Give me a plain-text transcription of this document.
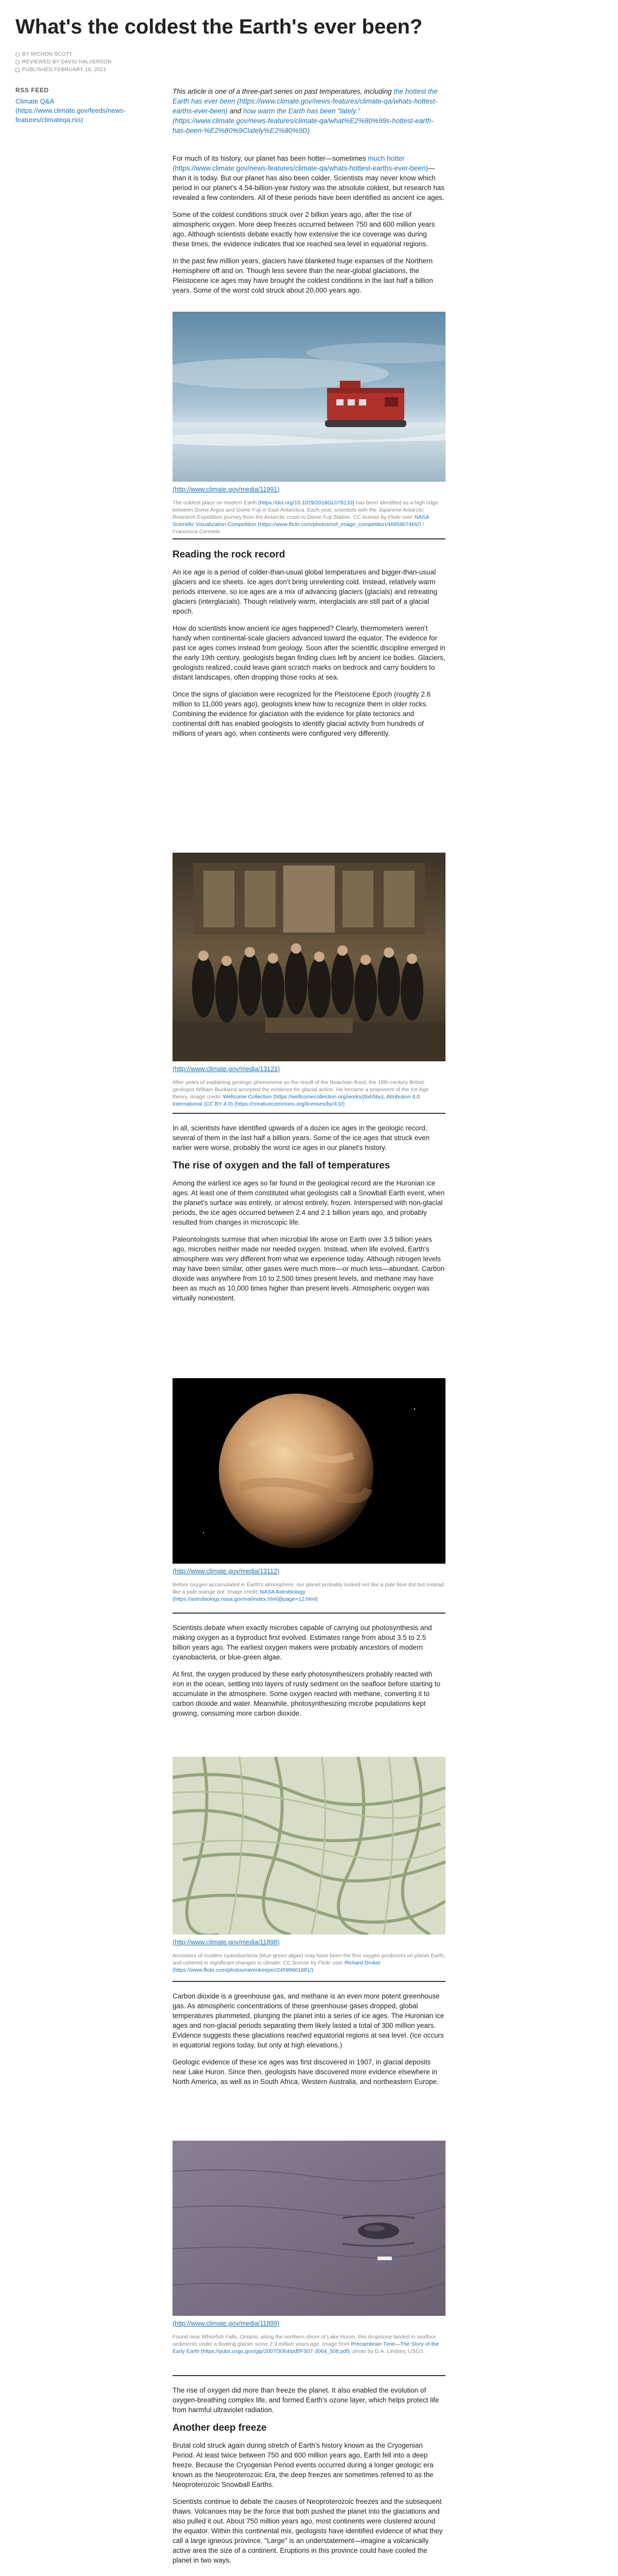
What's the coldest the Earth's ever been?
BY MICHON SCOTT
REVIEWED BY DAVID HALVERSON
PUBLISHED FEBRUARY 18, 2021
RSS FEED
Climate Q&A (https://www.climate.gov/feeds/news-features/climateqa.rss)

This article is one of a three-part series on past temperatures, including the hottest the Earth has ever been (https://www.climate.gov/news-features/climate-qa/whats-hottest-earths-ever-been) and how warm the Earth has been "lately." (https://www.climate.gov/news-features/climate-qa/what%E2%80%99s-hottest-earth-has-been-%E2%80%9Clately%E2%80%9D)

For much of its history, our planet has been hotter—sometimes much hotter (https://www.climate.gov/news-features/climate-qa/whats-hottest-earths-ever-been)—than it is today. But our planet has also been colder. Scientists may never know which period in our planet's 4.54-billion-year history was the absolute coldest, but research has revealed a few contenders. All of these periods have been identified as ancient ice ages.

Some of the coldest conditions struck over 2 billion years ago, after the rise of atmospheric oxygen. More deep freezes occurred between 750 and 600 million years ago. Although scientists debate exactly how extensive the ice coverage was during these times, the evidence indicates that ice reached sea level in equatorial regions.

In the past few million years, glaciers have blanketed huge expanses of the Northern Hemisphere off and on. Though less severe than the near-global glaciations, the Pleistocene ice ages may have brought the coldest conditions in the last half a billion years. Some of the worst cold struck about 20,000 years ago.

(http://www.climate.gov/media/11991)
The coldest place on modern Earth (https://doi.org/10.1029/2018GL078133) has been identified as a high ridge between Dome Argus and Dome Fuji in East Antarctica. Each year, scientists with the Japanese Antarctic Research Expedition journey from the Antarctic coast to Dome Fuji Station. CC license by Flickr user NASA Scientific Visualization Competition (https://www.flickr.com/photos/nsf_image_competition/4665807465/) / Francesca Cermela
Reading the rock record

An ice age is a period of colder-than-usual global temperatures and bigger-than-usual glaciers and ice sheets. Ice ages don't bring unrelenting cold. Instead, relatively warm periods intervene, so ice ages are a mix of advancing glaciers (glacials) and retreating glaciers (interglacials). Though relatively warm, interglacials are still part of a glacial epoch.

How do scientists know ancient ice ages happened? Clearly, thermometers weren't handy when continental-scale glaciers advanced toward the equator. The evidence for past ice ages comes instead from geology. Soon after the scientific discipline emerged in the early 19th century, geologists began finding clues left by ancient ice bodies. Glaciers, geologists realized, could leave giant scratch marks on bedrock and carry boulders to distant landscapes, often dropping those rocks at sea.

Once the signs of glaciation were recognized for the Pleistocene Epoch (roughly 2.6 million to 11,000 years ago), geologists knew how to recognize them in older rocks. Combining the evidence for glaciation with the evidence for plate tectonics and continental drift has enabled geologists to identify glacial activity from hundreds of millions of years ago, when continents were configured very differently.

(http://www.climate.gov/media/13121)
After years of explaining geologic phenomena as the result of the Noachian flood, the 19th-century British geologist William Buckland accepted the evidence for glacial action. He became a proponent of the Ice Age theory. Image credit: Wellcome Collection (https://wellcomecollection.org/works/j9xh5bu), Attribution 4.0 International (CC BY 4.0) (https://creativecommons.org/licenses/by/4.0/)

In all, scientists have identified upwards of a dozen ice ages in the geologic record, several of them in the last half a billion years. Some of the ice ages that struck even earlier were worse, probably the worst ice ages in our planet's history.

The rise of oxygen and the fall of temperatures

Among the earliest ice ages so far found in the geological record are the Huronian ice ages. At least one of them constituted what geologists call a Snowball Earth event, when the planet's surface was entirely, or almost entirely, frozen. Interspersed with non-glacial periods, the ice ages occurred between 2.4 and 2.1 billion years ago, and probably resulted from changes in microscopic life.

Paleontologists surmise that when microbial life arose on Earth over 3.5 billion years ago, microbes neither made nor needed oxygen. Instead, when life evolved, Earth's atmosphere was very different from what we experience today. Although nitrogen levels may have been similar, other gases were much more—or much less—abundant. Carbon dioxide was anywhere from 10 to 2,500 times present levels, and methane may have been as much as 10,000 times higher than present levels. Atmospheric oxygen was virtually nonexistent.

(http://www.climate.gov/media/13112)
Before oxygen accumulated in Earth's atmosphere, our planet probably looked not like a pale blue dot but instead like a pale orange dot. Image credit: NASA Astrobiology (https://astrobiology.nasa.gov/nai/index.html@page=12.html)

Scientists debate when exactly microbes capable of carrying out photosynthesis and making oxygen as a byproduct first evolved. Estimates range from about 3.5 to 2.5 billion years ago. The earliest oxygen makers were probably ancestors of modern cyanobacteria, or blue-green algae.

At first, the oxygen produced by these early photosynthesizers probably reacted with iron in the ocean, settling into layers of rusty sediment on the seafloor before starting to accumulate in the atmosphere. Some oxygen reacted with methane, converting it to carbon dioxide and water. Meanwhile, photosynthesizing microbe populations kept growing, consuming more carbon dioxide.

(http://www.climate.gov/media/11898)
Ancestors of modern cyanobacteria (blue-green algae) may have been the first oxygen producers on planet Earth, and ushered in significant changes in climate. CC license by Flickr user Richard Droker (https://www.flickr.com/photos/ravenkeeper/24599661881/)

Carbon dioxide is a greenhouse gas, and methane is an even more potent greenhouse gas. As atmospheric concentrations of these greenhouse gases dropped, global temperatures plummeted, plunging the planet into a series of ice ages. The Huronian ice ages and non-glacial periods separating them likely lasted a total of 300 million years. Evidence suggests these glaciations reached equatorial regions at sea level. (Ice occurs in equatorial regions today, but only at high elevations.)

Geologic evidence of these ice ages was first discovered in 1907, in glacial deposits near Lake Huron. Since then, geologists have discovered more evidence elsewhere in North America, as well as in South Africa, Western Australia, and northeastern Europe.

(http://www.climate.gov/media/11899)
Found near Whitefish Falls, Ontario, along the northern shore of Lake Huron, this dropstone landed in seafloor sediments under a floating glacier some 2.3 million years ago. Image from Precambrian Time—The Story of the Early Earth (https://pubs.usgs.gov/gip/2007/3064/pdf/FS07-3064_508.pdf), photo by D.A. Lindsey, USGS.

The rise of oxygen did more than freeze the planet. It also enabled the evolution of oxygen-breathing complex life, and formed Earth's ozone layer, which helps protect life from harmful ultraviolet radiation.

Another deep freeze

Brutal cold struck again during stretch of Earth's history known as the Cryogenian Period. At least twice between 750 and 600 million years ago, Earth fell into a deep freeze. Because the Cryogenian Period events occurred during a longer geologic era known as the Neoproterozoic Era, the deep freezes are sometimes referred to as the Neoproterozoic Snowball Earths.

Scientists continue to debate the causes of Neoproterozoic freezes and the subsequent thaws. Volcanoes may be the force that both pushed the planet into the glaciations and also pulled it out. About 750 million years ago, most continents were clustered around the equator. Within this continental mix, geologists have identified evidence of what they call a large igneous province. "Large" is an understatement—imagine a volcanically active area the size of a continent. Eruptions in this province could have cooled the planet in two ways.
